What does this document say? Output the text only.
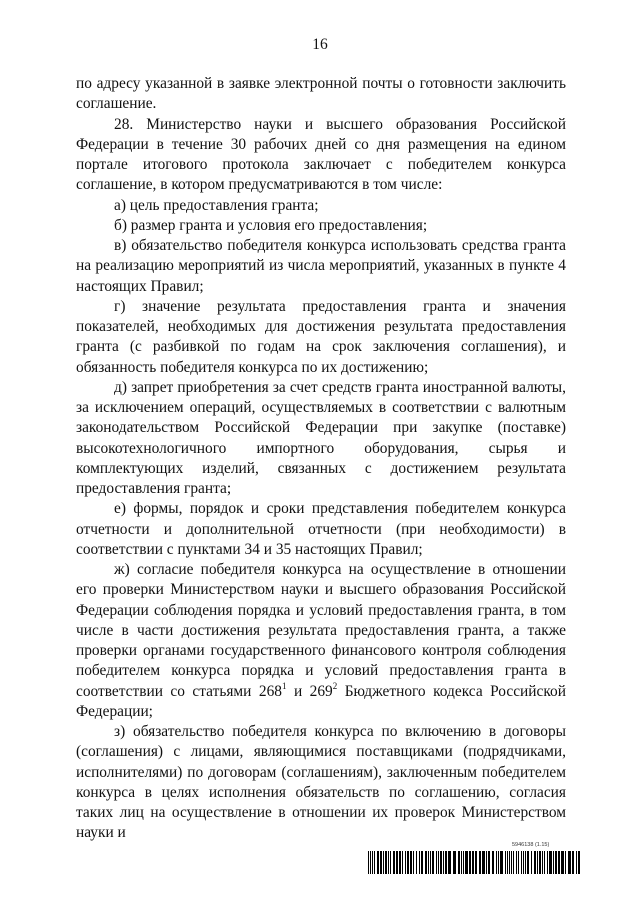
16

по адресу указанной в заявке электронной почты о готовности заключить соглашение.

28. Министерство науки и высшего образования Российской Федерации в течение 30 рабочих дней со дня размещения на едином портале итогового протокола заключает с победителем конкурса соглашение, в котором предусматриваются в том числе:

а) цель предоставления гранта;

б) размер гранта и условия его предоставления;

в) обязательство победителя конкурса использовать средства гранта на реализацию мероприятий из числа мероприятий, указанных в пункте 4 настоящих Правил;

г) значение результата предоставления гранта и значения показателей, необходимых для достижения результата предоставления гранта (с разбивкой по годам на срок заключения соглашения), и обязанность победителя конкурса по их достижению;

д) запрет приобретения за счет средств гранта иностранной валюты, за исключением операций, осуществляемых в соответствии с валютным законодательством Российской Федерации при закупке (поставке) высокотехнологичного импортного оборудования, сырья и комплектующих изделий, связанных с достижением результата предоставления гранта;

е) формы, порядок и сроки представления победителем конкурса отчетности и дополнительной отчетности (при необходимости) в соответствии с пунктами 34 и 35 настоящих Правил;

ж) согласие победителя конкурса на осуществление в отношении его проверки Министерством науки и высшего образования Российской Федерации соблюдения порядка и условий предоставления гранта, в том числе в части достижения результата предоставления гранта, а также проверки органами государственного финансового контроля соблюдения победителем конкурса порядка и условий предоставления гранта в соответствии со статьями $268^1$ и $269^2$ Бюджетного кодекса Российской Федерации;

з) обязательство победителя конкурса по включению в договоры (соглашения) с лицами, являющимися поставщиками (подрядчиками, исполнителями) по договорам (соглашениям), заключенным победителем конкурса в целях исполнения обязательств по соглашению, согласия таких лиц на осуществление в отношении их проверок Министерством науки и

5946138 (1.15)
